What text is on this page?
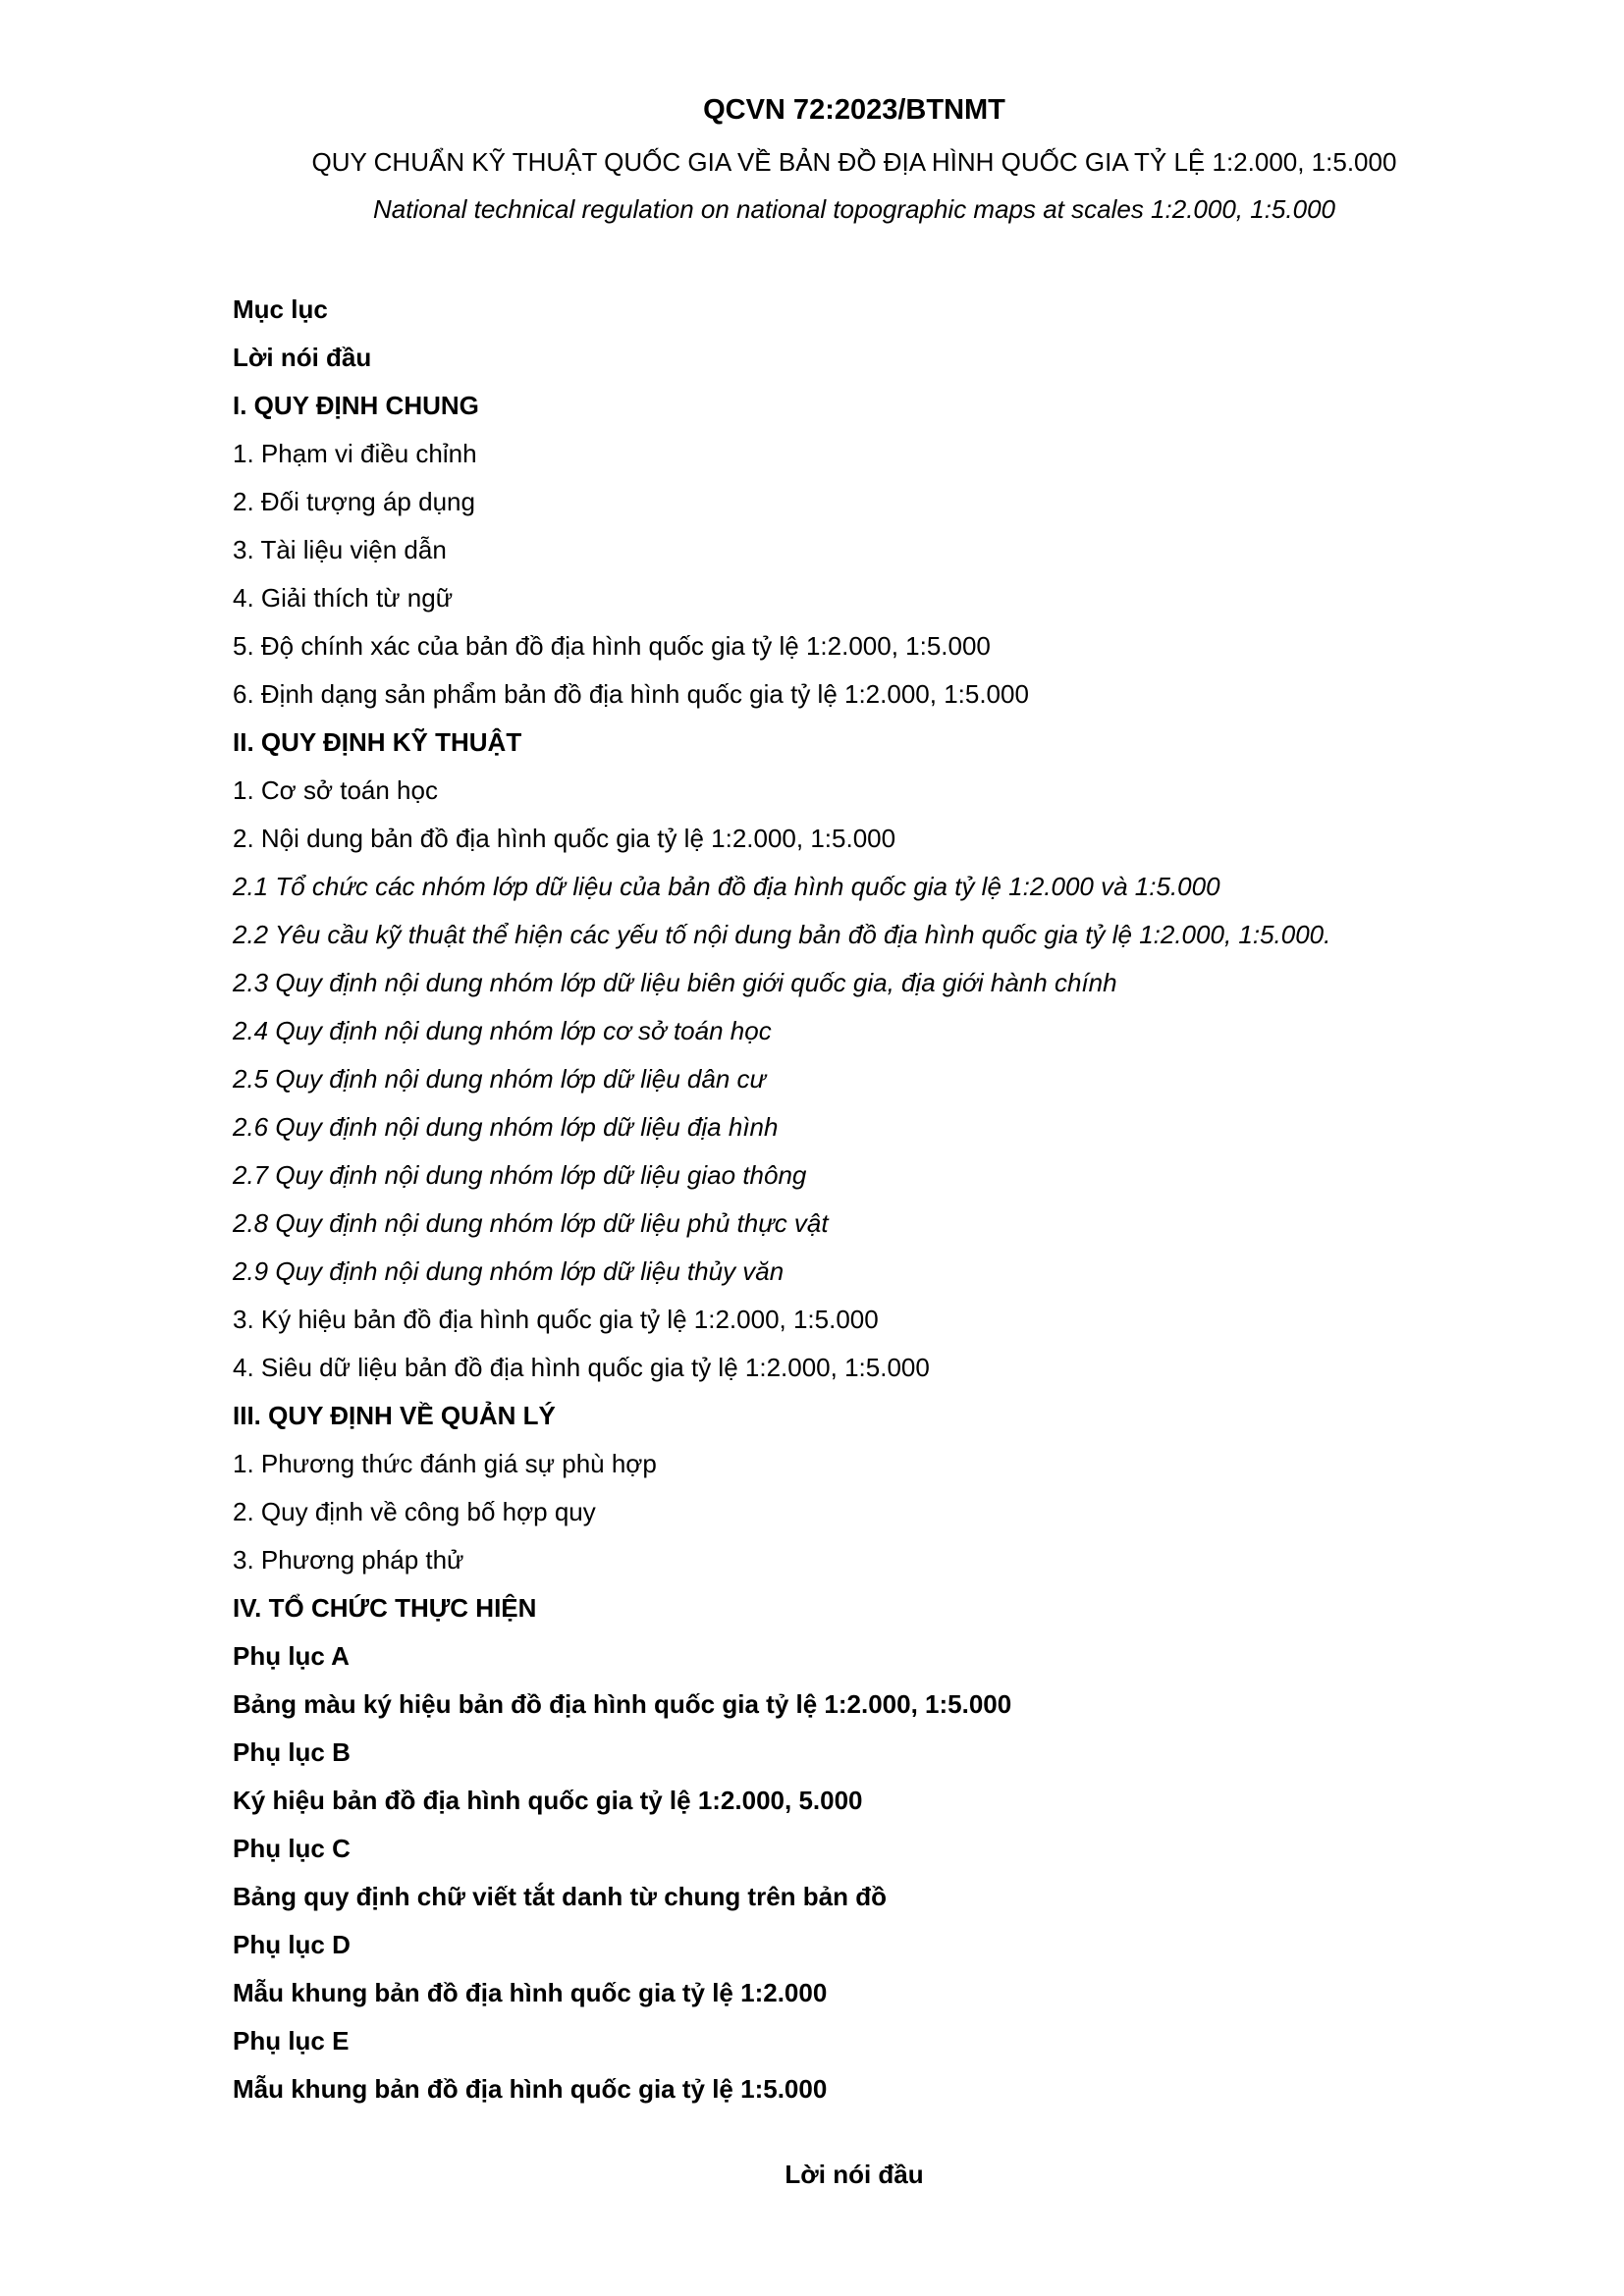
QCVN 72:2023/BTNMT
QUY CHUẨN KỸ THUẬT QUỐC GIA VỀ BẢN ĐỒ ĐỊA HÌNH QUỐC GIA TỶ LỆ 1:2.000, 1:5.000
National technical regulation on national topographic maps at scales 1:2.000, 1:5.000
Mục lục
Lời nói đầu
I. QUY ĐỊNH CHUNG
1. Phạm vi điều chỉnh
2. Đối tượng áp dụng
3. Tài liệu viện dẫn
4. Giải thích từ ngữ
5. Độ chính xác của bản đồ địa hình quốc gia tỷ lệ 1:2.000, 1:5.000
6. Định dạng sản phẩm bản đồ địa hình quốc gia tỷ lệ 1:2.000, 1:5.000
II. QUY ĐỊNH KỸ THUẬT
1. Cơ sở toán học
2. Nội dung bản đồ địa hình quốc gia tỷ lệ 1:2.000, 1:5.000
2.1 Tổ chức các nhóm lớp dữ liệu của bản đồ địa hình quốc gia tỷ lệ 1:2.000 và 1:5.000
2.2 Yêu cầu kỹ thuật thể hiện các yếu tố nội dung bản đồ địa hình quốc gia tỷ lệ 1:2.000, 1:5.000.
2.3 Quy định nội dung nhóm lớp dữ liệu biên giới quốc gia, địa giới hành chính
2.4 Quy định nội dung nhóm lớp cơ sở toán học
2.5 Quy định nội dung nhóm lớp dữ liệu dân cư
2.6 Quy định nội dung nhóm lớp dữ liệu địa hình
2.7 Quy định nội dung nhóm lớp dữ liệu giao thông
2.8 Quy định nội dung nhóm lớp dữ liệu phủ thực vật
2.9 Quy định nội dung nhóm lớp dữ liệu thủy văn
3. Ký hiệu bản đồ địa hình quốc gia tỷ lệ 1:2.000, 1:5.000
4. Siêu dữ liệu bản đồ địa hình quốc gia tỷ lệ 1:2.000, 1:5.000
III. QUY ĐỊNH VỀ QUẢN LÝ
1. Phương thức đánh giá sự phù hợp
2. Quy định về công bố hợp quy
3. Phương pháp thử
IV. TỔ CHỨC THỰC HIỆN
Phụ lục A
Bảng màu ký hiệu bản đồ địa hình quốc gia tỷ lệ 1:2.000, 1:5.000
Phụ lục B
Ký hiệu bản đồ địa hình quốc gia tỷ lệ 1:2.000, 5.000
Phụ lục C
Bảng quy định chữ viết tắt danh từ chung trên bản đồ
Phụ lục D
Mẫu khung bản đồ địa hình quốc gia tỷ lệ 1:2.000
Phụ lục E
Mẫu khung bản đồ địa hình quốc gia tỷ lệ 1:5.000
Lời nói đầu
